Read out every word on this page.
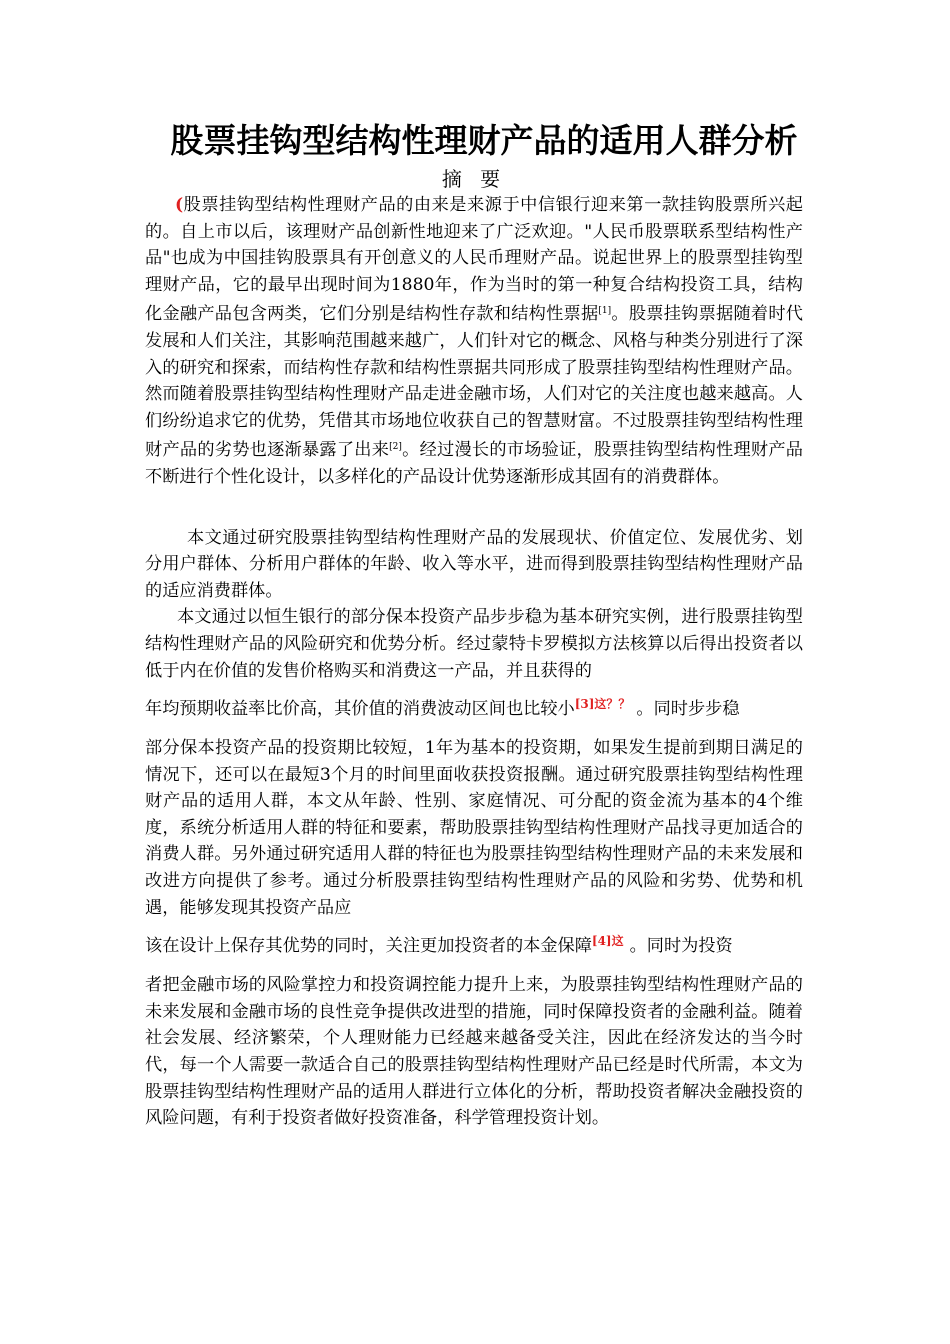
股票挂钩型结构性理财产品的适用人群分析
摘 要

(股票挂钩型结构性理财产品的由来是来源于中信银行迎来第一款挂钩股票所兴起的。自上市以后，该理财产品创新性地迎来了广泛欢迎。"人民币股票联系型结构性产品"也成为中国挂钩股票具有开创意义的人民币理财产品。说起世界上的股票型挂钩型理财产品，它的最早出现时间为1880年，作为当时的第一种复合结构投资工具，结构化金融产品包含两类，它们分别是结构性存款和结构性票据[1]。股票挂钩票据随着时代发展和人们关注，其影响范围越来越广，人们针对它的概念、风格与种类分别进行了深入的研究和探索，而结构性存款和结构性票据共同形成了股票挂钩型结构性理财产品。然而随着股票挂钩型结构性理财产品走进金融市场，人们对它的关注度也越来越高。人们纷纷追求它的优势，凭借其市场地位收获自己的智慧财富。不过股票挂钩型结构性理财产品的劣势也逐渐暴露了出来[2]。经过漫长的市场验证，股票挂钩型结构性理财产品不断进行个性化设计，以多样化的产品设计优势逐渐形成其固有的消费群体。

本文通过研究股票挂钩型结构性理财产品的发展现状、价值定位、发展优劣、划分用户群体、分析用户群体的年龄、收入等水平，进而得到股票挂钩型结构性理财产品的适应消费群体。

本文通过以恒生银行的部分保本投资产品步步稳为基本研究实例，进行股票挂钩型结构性理财产品的风险研究和优势分析。经过蒙特卡罗模拟方法核算以后得出投资者以低于内在价值的发售价格购买和消费这一产品，并且获得的

年均预期收益率比价高，其价值的消费波动区间也比较小$^{[3]这??}$ 。同时步步稳

部分保本投资产品的投资期比较短，1年为基本的投资期，如果发生提前到期日满足的情况下，还可以在最短3个月的时间里面收获投资报酬。通过研究股票挂钩型结构性理财产品的适用人群，本文从年龄、性别、家庭情况、可分配的资金流为基本的4个维度，系统分析适用人群的特征和要素，帮助股票挂钩型结构性理财产品找寻更加适合的消费人群。另外通过研究适用人群的特征也为股票挂钩型结构性理财产品的未来发展和改进方向提供了参考。通过分析股票挂钩型结构性理财产品的风险和劣势、优势和机遇，能够发现其投资产品应

该在设计上保存其优势的同时，关注更加投资者的本金保障$^{[4]这}$ 。同时为投资

者把金融市场的风险掌控力和投资调控能力提升上来，为股票挂钩型结构性理财产品的未来发展和金融市场的良性竞争提供改进型的措施，同时保障投资者的金融利益。随着社会发展、经济繁荣，个人理财能力已经越来越备受关注，因此在经济发达的当今时代，每一个人需要一款适合自己的股票挂钩型结构性理财产品已经是时代所需，本文为股票挂钩型结构性理财产品的适用人群进行立体化的分析，帮助投资者解决金融投资的风险问题，有利于投资者做好投资准备，科学管理投资计划。
